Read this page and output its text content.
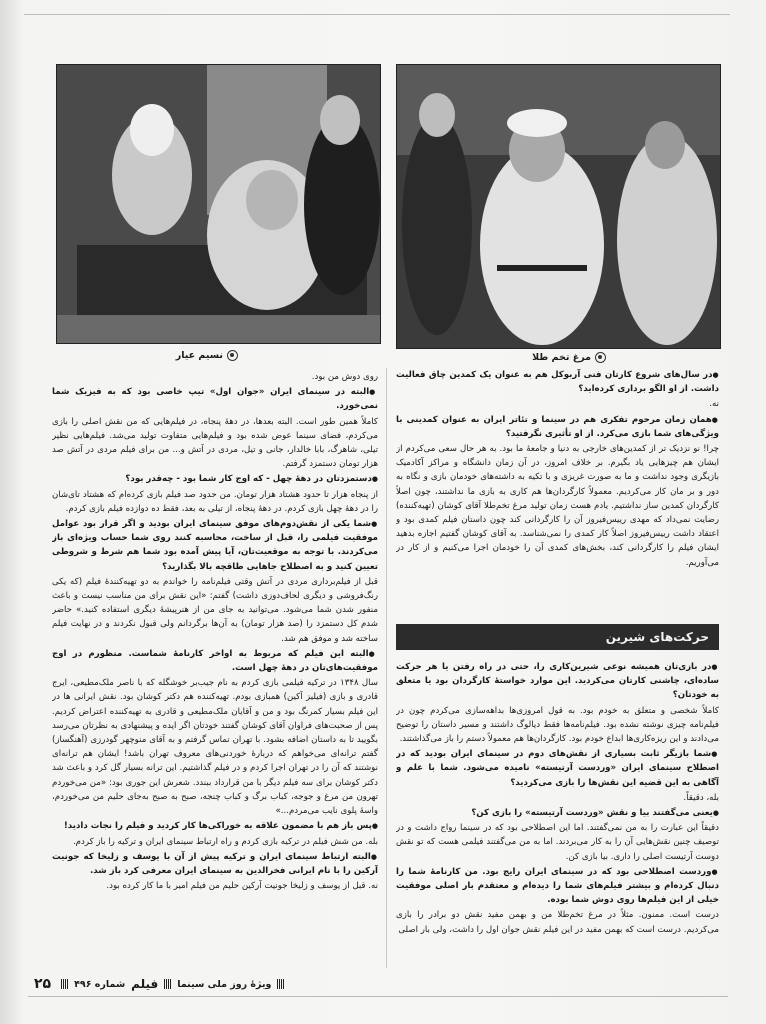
نسیم عیار	مرغ تخم طلا

روی دوش من بود.

● البته در سینمای ایران «جوان اول» تیپ خاصی بود که به فیزیک شما نمی‌خورد.

کاملاً همین طور است. البته بعدها، در دههٔ پنجاه، در فیلم‌هایی که من نقش اصلی را بازی می‌کردم، فضای سینما عوض شده بود و فیلم‌هایی متفاوت تولید می‌شد. فیلم‌هایی نظیر تیلی، شاهرگ، بابا خالدار، جانی و تیل، مردی در آتش و... من برای فیلم مردی در آتش صد هزار تومان دستمزد گرفتم.

● دستمزدتان در دههٔ چهل - که اوج کار شما بود - چه‌قدر بود؟

از پنجاه هزار تا حدود هشتاد هزار تومان. من حدود صد فیلم بازی کرده‌ام که هشتاد تای‌شان را در دههٔ چهل بازی کردم. در دههٔ پنجاه، از تیلی به بعد، فقط ده دوازده فیلم بازی کردم.

● شما یکی از نقش‌دوم‌های موفق سینمای ایران بودید و اگر قرار بود عوامل موفقیت فیلمی را، قبل از ساخت، محاسبه کنند روی شما حساب ویژه‌ای باز می‌کردند. با توجه به موقعیت‌تان، آیا پیش آمده بود شما هم شرط و شروطی تعیین کنید و به اصطلاح جاهایی طاقچه بالا بگذارید؟

قبل از فیلم‌برداری مردی در آتش وقتی فیلم‌نامه را خواندم به دو تهیه‌کنندهٔ فیلم (که یکی رنگ‌فروشی و دیگری لحاف‌دوزی داشت) گفتم: «این نقش برای من مناسب نیست و باعث منفور شدن شما می‌شود. می‌توانید به جای من از هنرپیشهٔ دیگری استفاده کنید.» حاضر شدم کل دستمزد را (صد هزار تومان) به آن‌ها برگردانم ولی قبول نکردند و در نهایت فیلم ساخته شد و موفق هم شد.

● البته این فیلم که مربوط به اواخر کارنامهٔ شماست. منظورم در اوج موفقیت‌های‌تان در دههٔ چهل است.

سال ۱۳۴۸ در ترکیه فیلمی بازی کردم به نام جیب‌بر خوشگله که با ناصر ملک‌مطیعی، ایرج قادری و بازی (فیلیز آکین) همبازی بودم. تهیه‌کننده هم دکتر کوشان بود. نقش ایرانی ها در این فیلم بسیار کمرنگ بود و من و آقایان ملک‌مطیعی و قادری به تهیه‌کننده اعتراض کردیم. پس از صحبت‌های فراوان آقای کوشان گفتند خودتان اگر ایده و پیشنهادی به نظرتان می‌رسد بگویید تا به داستان اضافه بشود. با تهران تماس گرفتم و به آقای منوچهر گودرزی (آهنگساز) گفتم ترانه‌ای می‌خواهم که دربارهٔ خوردنی‌های معروف تهران باشد! ایشان هم ترانه‌ای نوشتند که آن را در تهران اجرا کردم و در فیلم گذاشتیم. این ترانه بسیار گل کرد و باعث شد دکتر کوشان برای سه فیلم دیگر با من قرارداد ببندد. شعرش این جوری بود: «من می‌خوردم تهرون من مرغ و جوجه، کباب برگ و کباب چنجه، صبح به صبح به‌جای حلیم من می‌خوردم، واسهٔ پلوی نایب می‌مردم...»

● پس باز هم با مضمون علاقه به خوراکی‌ها کار کردید و فیلم را نجات دادید!

بله. من شش فیلم در ترکیه بازی کردم و راه ارتباط سینمای ایران و ترکیه را باز کردم.

● البته ارتباط سینمای ایران و ترکیه پیش از آن با یوسف و زلیخا که جونیت آرکین را با نام ایرانی فخرالدین به سینمای ایران معرفی کرد باز شد.

نه. قبل از یوسف و زلیخا جونیت آرکین حلیم من فیلم امیر با ما کار کرده بود.

● در سال‌های شروع کارتان فنی آربوکل هم به عنوان یک کمدین چاق فعالیت داشت. از او الگو برداری کرده‌اید؟

نه.

● همان زمان مرحوم تفکری هم در سینما و تئاتر ایران به عنوان کمدینی با ویژگی‌های شما بازی می‌کرد. از او تأثیری نگرفتید؟

چرا! نو نزدیک تر از کمدین‌های خارجی به دنیا و جامعهٔ ما بود. به هر حال سعی می‌کردم از ایشان هم چیزهایی یاد بگیرم. بر خلاف امروز، در آن زمان دانشگاه و مراکز آکادمیک بازیگری وجود نداشت و ما به صورت غریزی و با تکیه به داشته‌های خودمان بازی و نگاه به دور و بر مان کار می‌کردیم. معمولاً کارگردان‌ها هم کاری به بازی ما نداشتند، چون اصلاً کارگردان کمدین ساز نداشتیم. یادم هست زمان تولید مرغ تخم‌طلا آقای کوشان (تهیه‌کننده) رضایت نمی‌داد که مهدی رییس‌فیروز آن را کارگردانی کند چون داستان فیلم کمدی بود و اعتقاد داشت رییس‌فیروز اصلاً کار کمدی را نمی‌شناسد. به آقای کوشان گفتیم اجازه بدهید ایشان فیلم را کارگردانی کند، بخش‌های کمدی آن را خودمان اجرا می‌کنیم و از کار در می‌آوریم.

حرکت‌های شیرین

● در بازی‌تان همیشه نوعی شیرین‌کاری را، حتی در راه رفتن یا هر حرکت ساده‌ای، چاشنی کارتان می‌کردید. این موارد خواستهٔ کارگردان بود یا متعلق به خودتان؟

کاملاً شخصی و متعلق به خودم بود. به قول امروزی‌ها بداهه‌سازی می‌کردم چون در فیلم‌نامه چیزی نوشته نشده بود. فیلم‌نامه‌ها فقط دیالوگ داشتند و مسیر داستان را توضیح می‌دادند و این ریزه‌کاری‌ها ابداع خودم بود. کارگردان‌ها هم معمولاً دستم را باز می‌گذاشتند.

● شما بازیگر ثابت بسیاری از نقش‌های دوم در سینمای ایران بودید که در اصطلاح سینمای ایران «وردست آرتیسته» نامیده می‌شود. شما با علم و آگاهی به این قضیه این نقش‌ها را بازی می‌کردید؟

بله، دقیقاً.

● یعنی می‌گفتند بیا و نقش «وردست آرتیسته» را بازی کن؟

دقیقاً این عبارت را به من نمی‌گفتند. اما این اصطلاحی بود که در سینما رواج داشت و در توصیف چنین نقش‌هایی آن را به کار می‌بردند. اما به من می‌گفتند فیلمی هست که تو نقش دوست آرتیست اصلی را داری. بیا بازی کن.

● وردست اصطلاحی بود که در سینمای ایران رایج بود. من کارنامهٔ شما را دنبال کرده‌ام و بیشتر فیلم‌های شما را دیده‌ام و معتقدم بار اصلی موفقیت خیلی از این فیلم‌ها روی دوش شما بوده.

درست است. ممنون. مثلاً در مرغ تخم‌طلا من و بهمن مفید نقش دو برادر را بازی می‌کردیم. درست است که بهمن مفید در این فیلم نقش جوان اول را داشت، ولی بار اصلی

۲۵ شماره ۴۹۶ فیلم ویژهٔ روز ملی سینما
